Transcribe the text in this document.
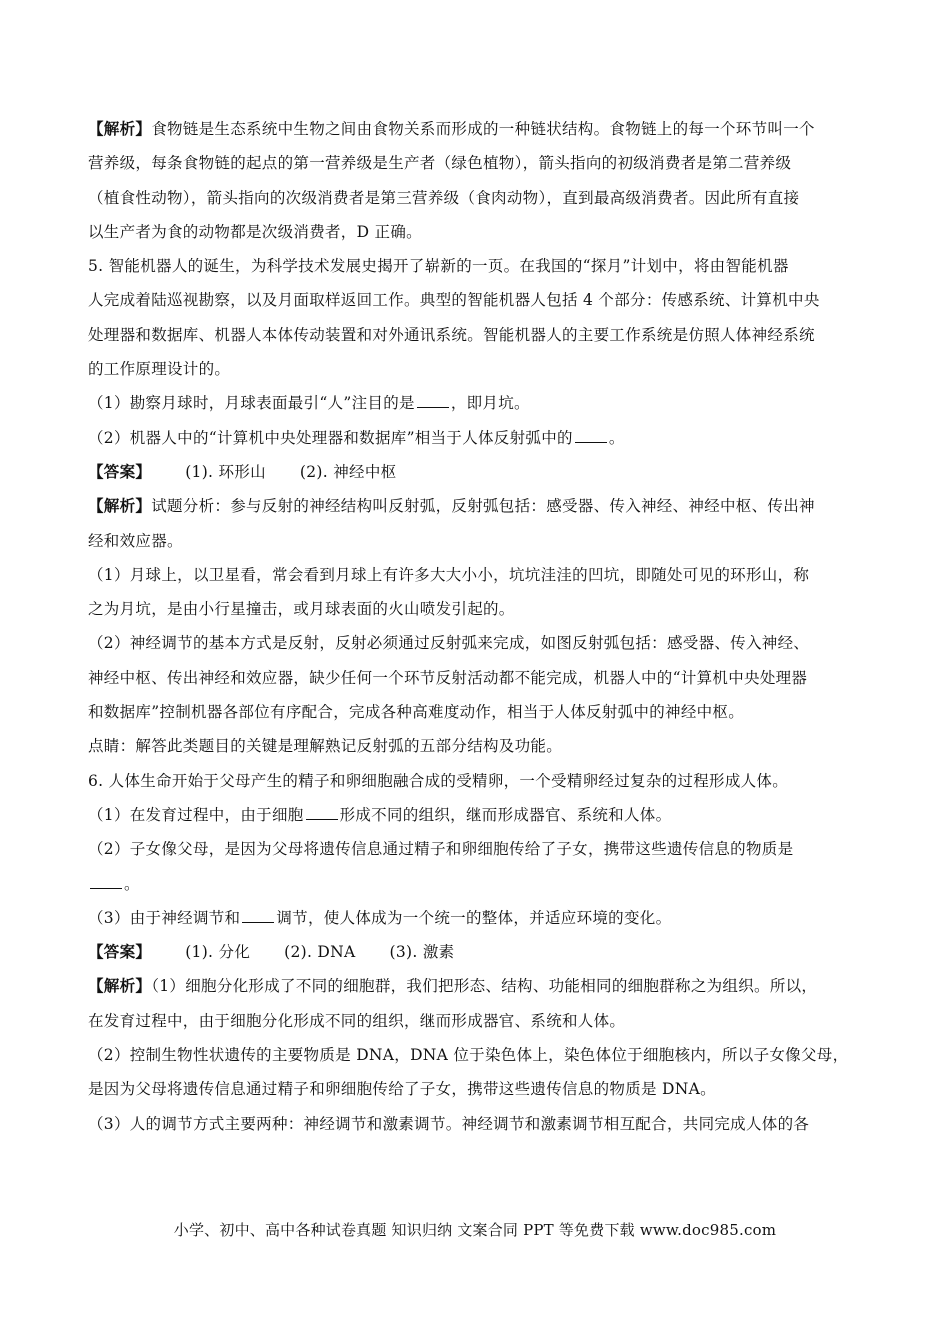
【解析】食物链是生态系统中生物之间由食物关系而形成的一种链状结构。食物链上的每一个环节叫一个
营养级，每条食物链的起点的第一营养级是生产者（绿色植物），箭头指向的初级消费者是第二营养级
（植食性动物），箭头指向的次级消费者是第三营养级（食肉动物），直到最高级消费者。因此所有直接
以生产者为食的动物都是次级消费者，D 正确。
5. 智能机器人的诞生，为科学技术发展史揭开了崭新的一页。在我国的“探月”计划中，将由智能机器
人完成着陆巡视勘察，以及月面取样返回工作。典型的智能机器人包括 4 个部分：传感系统、计算机中央
处理器和数据库、机器人本体传动装置和对外通讯系统。智能机器人的主要工作系统是仿照人体神经系统
的工作原理设计的。
（1）勘察月球时，月球表面最引“人”注目的是 ，即月坑。
（2）机器人中的“计算机中央处理器和数据库”相当于人体反射弧中的 。
【答案】 (1). 环形山 (2). 神经中枢
【解析】试题分析：参与反射的神经结构叫反射弧，反射弧包括：感受器、传入神经、神经中枢、传出神
经和效应器。
（1）月球上，以卫星看，常会看到月球上有许多大大小小，坑坑洼洼的凹坑，即随处可见的环形山，称
之为月坑，是由小行星撞击，或月球表面的火山喷发引起的。
（2）神经调节的基本方式是反射，反射必须通过反射弧来完成，如图反射弧包括：感受器、传入神经、
神经中枢、传出神经和效应器，缺少任何一个环节反射活动都不能完成，机器人中的“计算机中央处理器
和数据库”控制机器各部位有序配合，完成各种高难度动作，相当于人体反射弧中的神经中枢。
点睛：解答此类题目的关键是理解熟记反射弧的五部分结构及功能。
6. 人体生命开始于父母产生的精子和卵细胞融合成的受精卵，一个受精卵经过复杂的过程形成人体。
（1）在发育过程中，由于细胞 形成不同的组织，继而形成器官、系统和人体。
（2）子女像父母，是因为父母将遗传信息通过精子和卵细胞传给了子女，携带这些遗传信息的物质是
。
（3）由于神经调节和 调节，使人体成为一个统一的整体，并适应环境的变化。
【答案】 (1). 分化 (2). DNA (3). 激素
【解析】（1）细胞分化形成了不同的细胞群，我们把形态、结构、功能相同的细胞群称之为组织。所以，
在发育过程中，由于细胞分化形成不同的组织，继而形成器官、系统和人体。
（2）控制生物性状遗传的主要物质是 DNA，DNA 位于染色体上，染色体位于细胞核内，所以子女像父母，
是因为父母将遗传信息通过精子和卵细胞传给了子女，携带这些遗传信息的物质是 DNA。
（3）人的调节方式主要两种：神经调节和激素调节。神经调节和激素调节相互配合，共同完成人体的各
小学、初中、高中各种试卷真题 知识归纳 文案合同 PPT 等免费下载 www.doc985.com
